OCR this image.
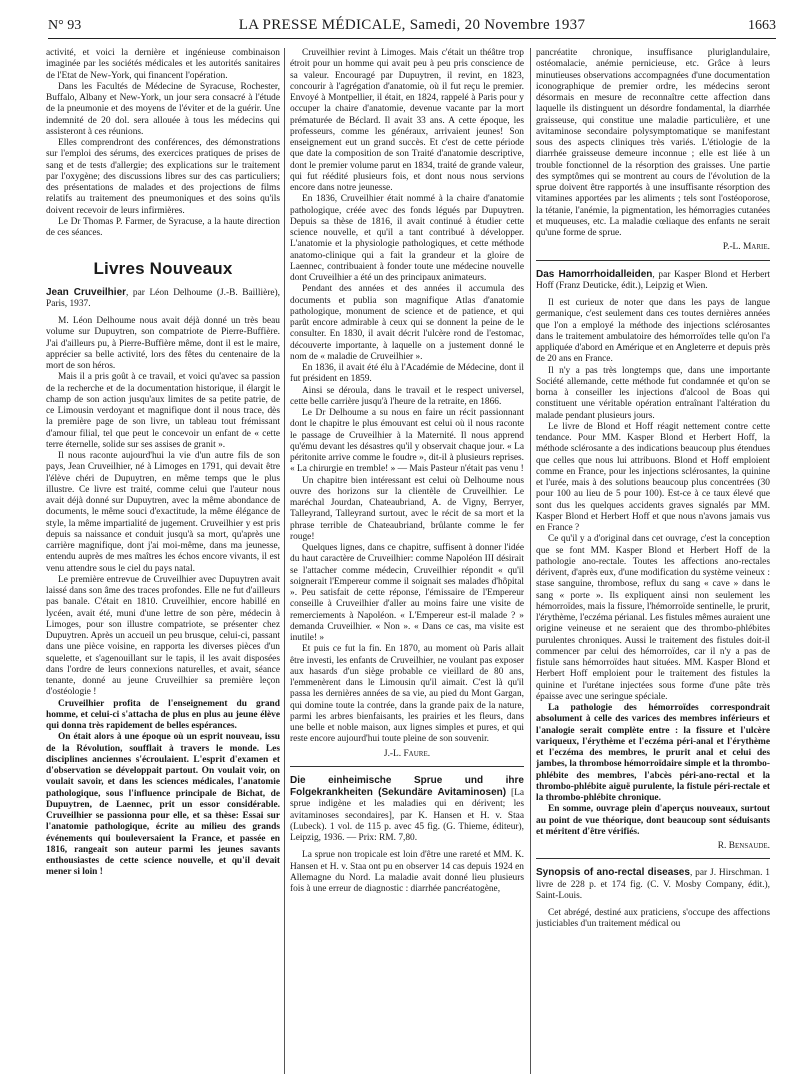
N° 93	LA PRESSE MÉDICALE, Samedi, 20 Novembre 1937	1663

activité, et voici la dernière et ingénieuse combinaison imaginée par les sociétés médicales et les autorités sanitaires de l'Etat de New-York, qui financent l'opération.

Dans les Facultés de Médecine de Syracuse, Rochester, Buffalo, Albany et New-York, un jour sera consacré à l'étude de la pneumonie et des moyens de l'éviter et de la guérir. Une indemnité de 20 dol. sera allouée à tous les médecins qui assisteront à ces réunions.

Elles comprendront des conférences, des démonstrations sur l'emploi des sérums, des exercices pratiques de prises de sang et de tests d'allergie; des explications sur le traitement par l'oxygène; des discussions libres sur des cas particuliers; des présentations de malades et des projections de films relatifs au traitement des pneumoniques et des soins qu'ils doivent recevoir de leurs infirmières.

Le Dr Thomas P. Farmer, de Syracuse, a la haute direction de ces séances.

Livres Nouveaux

Jean Cruveilhier, par Léon Delhoume (J.-B. Baillière), Paris, 1937.

M. Léon Delhoume nous avait déjà donné un très beau volume sur Dupuytren, son compatriote de Pierre-Buffière. J'ai d'ailleurs pu, à Pierre-Buffière même, dont il est le maire, apprécier sa belle activité, lors des fêtes du centenaire de la mort de son héros.

Mais il a pris goût à ce travail, et voici qu'avec sa passion de la recherche et de la documentation historique, il élargit le champ de son action jusqu'aux limites de sa petite patrie, de ce Limousin verdoyant et magnifique dont il nous trace, dès la première page de son livre, un tableau tout frémissant d'amour filial, tel que peut le concevoir un enfant de « cette terre éternelle, solide sur ses assises de granit ».

Il nous raconte aujourd'hui la vie d'un autre fils de son pays, Jean Cruveilhier, né à Limoges en 1791, qui devait être l'élève chéri de Dupuytren, en même temps que le plus illustre. Ce livre est traité, comme celui que l'auteur nous avait déjà donné sur Dupuytren, avec la même abondance de documents, le même souci d'exactitude, la même élégance de style, la même impartialité de jugement. Cruveilhier y est pris depuis sa naissance et conduit jusqu'à sa mort, qu'après une carrière magnifique, dont j'ai moi-même, dans ma jeunesse, entendu auprès de mes maîtres les échos encore vivants, il est venu attendre sous le ciel du pays natal.

Le première entrevue de Cruveilhier avec Dupuytren avait laissé dans son âme des traces profondes. Elle ne fut d'ailleurs pas banale. C'était en 1810. Cruveilhier, encore habillé en lycéen, avait été, muni d'une lettre de son père, médecin à Limoges, pour son illustre compatriote, se présenter chez Dupuytren. Après un accueil un peu brusque, celui-ci, passant dans une pièce voisine, en rapporta les diverses pièces d'un squelette, et s'agenouillant sur le tapis, il les avait disposées dans l'ordre de leurs connexions naturelles, et avait, séance tenante, donné au jeune Cruveilhier sa première leçon d'ostéologie !

Cruveilhier profita de l'enseignement du grand homme, et celui-ci s'attacha de plus en plus au jeune élève qui donna très rapidement de belles espérances.

On était alors à une époque où un esprit nouveau, issu de la Révolution, soufflait à travers le monde. Les disciplines anciennes s'écroulaient. L'esprit d'examen et d'observation se développait partout. On voulait voir, on voulait savoir, et dans les sciences médicales, l'anatomie pathologique, sous l'influence principale de Bichat, de Dupuytren, de Laennec, prit un essor considérable. Cruveilhier se passionna pour elle, et sa thèse: Essai sur l'anatomie pathologique, écrite au milieu des grands événements qui bouleversaient la France, et passée en 1816, rangeait son auteur parmi les jeunes savants enthousiastes de cette science nouvelle, et qu'il devait mener si loin !

Cruveilhier revint à Limoges. Mais c'était un théâtre trop étroit pour un homme qui avait peu à peu pris conscience de sa valeur. Encouragé par Dupuytren, il revint, en 1823, concourir à l'agrégation d'anatomie, où il fut reçu le premier. Envoyé à Montpellier, il était, en 1824, rappelé à Paris pour y occuper la chaire d'anatomie, devenue vacante par la mort prématurée de Béclard. Il avait 33 ans. A cette époque, les professeurs, comme les généraux, arrivaient jeunes! Son enseignement eut un grand succès. Et c'est de cette période que date la composition de son Traité d'anatomie descriptive, dont le premier volume parut en 1834, traité de grande valeur, qui fut réédité plusieurs fois, et dont nous nous servions encore dans notre jeunesse.

En 1836, Cruveilhier était nommé à la chaire d'anatomie pathologique, créée avec des fonds légués par Dupuytren. Depuis sa thèse de 1816, il avait continué à étudier cette science nouvelle, et qu'il a tant contribué à développer. L'anatomie et la physiologie pathologiques, et cette méthode anatomo-clinique qui a fait la grandeur et la gloire de Laennec, contribuaient à fonder toute une médecine nouvelle dont Cruveilhier a été un des principaux animateurs.

Pendant des années et des années il accumula des documents et publia son magnifique Atlas d'anatomie pathologique, monument de science et de patience, et qui parût encore admirable à ceux qui se donnent la peine de le consulter. En 1830, il avait décrit l'ulcère rond de l'estomac, découverte importante, à laquelle on a justement donné le nom de « maladie de Cruveilhier ».

En 1836, il avait été élu à l'Académie de Médecine, dont il fut président en 1859.

Ainsi se déroula, dans le travail et le respect universel, cette belle carrière jusqu'à l'heure de la retraite, en 1866.

Le Dr Delhoume a su nous en faire un récit passionnant dont le chapitre le plus émouvant est celui où il nous raconte le passage de Cruveilhier à la Maternité. Il nous apprend qu'ému devant les désastres qu'il y observait chaque jour. « La péritonite arrive comme le foudre », dit-il à plusieurs reprises. « La chirurgie en tremble! » — Mais Pasteur n'était pas venu !

Un chapitre bien intéressant est celui où Delhoume nous ouvre des horizons sur la clientèle de Cruveilhier. Le maréchal Jourdan, Chateaubriand, A. de Vigny, Berryer, Talleyrand, Talleyrand surtout, avec le récit de sa mort et la phrase terrible de Chateaubriand, brûlante comme le fer rouge!

Quelques lignes, dans ce chapitre, suffisent à donner l'idée du haut caractère de Cruveilhier: comme Napoléon III désirait se l'attacher comme médecin, Cruveilhier répondit « qu'il soignerait l'Empereur comme il soignait ses malades d'hôpital ». Peu satisfait de cette réponse, l'émissaire de l'Empereur conseille à Cruveilhier d'aller au moins faire une visite de remerciements à Napoléon. « L'Empereur est-il malade ? » demanda Cruveilhier. « Non ». « Dans ce cas, ma visite est inutile! »

Et puis ce fut la fin. En 1870, au moment où Paris allait être investi, les enfants de Cruveilhier, ne voulant pas exposer aux hasards d'un siège probable ce vieillard de 80 ans, l'emmenèrent dans le Limousin qu'il aimait. C'est là qu'il passa les dernières années de sa vie, au pied du Mont Gargan, qui domine toute la contrée, dans la grande paix de la nature, parmi les arbres bienfaisants, les prairies et les fleurs, dans une belle et noble maison, aux lignes simples et pures, et qui reste encore aujourd'hui toute pleine de son souvenir.

J.-L. Faure.

Die einheimische Sprue und ihre Folgekrankheiten (Sekundäre Avitaminosen) [La sprue indigène et les maladies qui en dérivent; les avitaminoses secondaires], par K. Hansen et H. v. Staa (Lubeck). 1 vol. de 115 p. avec 45 fig. (G. Thieme, éditeur), Leipzig, 1936. — Prix: RM. 7,80.

La sprue non tropicale est loin d'être une rareté et MM. K. Hansen et H. v. Staa ont pu en observer 14 cas depuis 1924 en Allemagne du Nord. La maladie avait donné lieu plusieurs fois à une erreur de diagnostic : diarrhée pancréatogène,

pancréatite chronique, insuffisance pluriglandulaire, ostéomalacie, anémie pernicieuse, etc. Grâce à leurs minutieuses observations accompagnées d'une documentation iconographique de premier ordre, les médecins seront désormais en mesure de reconnaître cette affection dans laquelle ils distinguent un désordre fondamental, la diarrhée graisseuse, qui constitue une maladie particulière, et une avitaminose secondaire polysymptomatique se manifestant sous des aspects cliniques très variés. L'étiologie de la diarrhée graisseuse demeure inconnue ; elle est liée à un trouble fonctionnel de la résorption des graisses. Une partie des symptômes qui se montrent au cours de l'évolution de la sprue doivent être rapportés à une insuffisante résorption des vitamines apportées par les aliments ; tels sont l'ostéoporose, la tétanie, l'anémie, la pigmentation, les hémorragies cutanées et muqueuses, etc. La maladie cœliaque des enfants ne serait qu'une forme de sprue.

P.-L. Marie.

Das Hamorrhoidalleiden, par Kasper Blond et Herbert Hoff (Franz Deuticke, édit.), Leipzig et Wien.

Il est curieux de noter que dans les pays de langue germanique, c'est seulement dans ces toutes dernières années que l'on a employé la méthode des injections sclérosantes dans le traitement ambulatoire des hémorroïdes telle qu'on l'a appliquée d'abord en Amérique et en Angleterre et depuis près de 20 ans en France.

Il n'y a pas très longtemps que, dans une importante Société allemande, cette méthode fut condamnée et qu'on se borna à conseiller les injections d'alcool de Boas qui constituent une véritable opération entraînant l'altération du malade pendant plusieurs jours.

Le livre de Blond et Hoff réagit nettement contre cette tendance. Pour MM. Kasper Blond et Herbert Hoff, la méthode sclérosante a des indications beaucoup plus étendues que celles que nous lui attribuons. Blond et Hoff emploient comme en France, pour les injections sclérosantes, la quinine et l'urée, mais à des solutions beaucoup plus concentrées (30 pour 100 au lieu de 5 pour 100). Est-ce à ce taux élevé que sont dus les quelques accidents graves signalés par MM. Kasper Blond et Herbert Hoff et que nous n'avons jamais vus en France ?

Ce qu'il y a d'original dans cet ouvrage, c'est la conception que se font MM. Kasper Blond et Herbert Hoff de la pathologie ano-rectale. Toutes les affections ano-rectales dérivent, d'après eux, d'une modification du système veineux : stase sanguine, thrombose, reflux du sang « cave » dans le sang « porte ». Ils expliquent ainsi non seulement les hémorroïdes, mais la fissure, l'hémorroïde sentinelle, le prurit, l'érythème, l'eczéma périanal. Les fistules mêmes auraient une origine veineuse et ne seraient que des thrombo-phlébites purulentes chroniques. Aussi le traitement des fistules doit-il commencer par celui des hémorroïdes, car il n'y a pas de fistule sans hémorroïdes haut situées. MM. Kasper Blond et Herbert Hoff emploient pour le traitement des fistules la quinine et l'urétane injectées sous forme d'une pâte très épaisse avec une seringue spéciale.

La pathologie des hémorroïdes correspondrait absolument à celle des varices des membres inférieurs et l'analogie serait complète entre : la fissure et l'ulcère variqueux, l'érythème et l'eczéma péri-anal et l'érythème et l'eczéma des membres, le prurit anal et celui des jambes, la thrombose hémorroïdaire simple et la thrombo-phlébite des membres, l'abcès péri-ano-rectal et la thrombo-phlébite aiguë purulente, la fistule péri-rectale et la thrombo-phlébite chronique.

En somme, ouvrage plein d'aperçus nouveaux, surtout au point de vue théorique, dont beaucoup sont séduisants et méritent d'être vérifiés.

R. Bensaude.

Synopsis of ano-rectal diseases, par J. Hirschman. 1 livre de 228 p. et 174 fig. (C. V. Mosby Company, édit.), Saint-Louis.

Cet abrégé, destiné aux praticiens, s'occupe des affections justiciables d'un traitement médical ou
